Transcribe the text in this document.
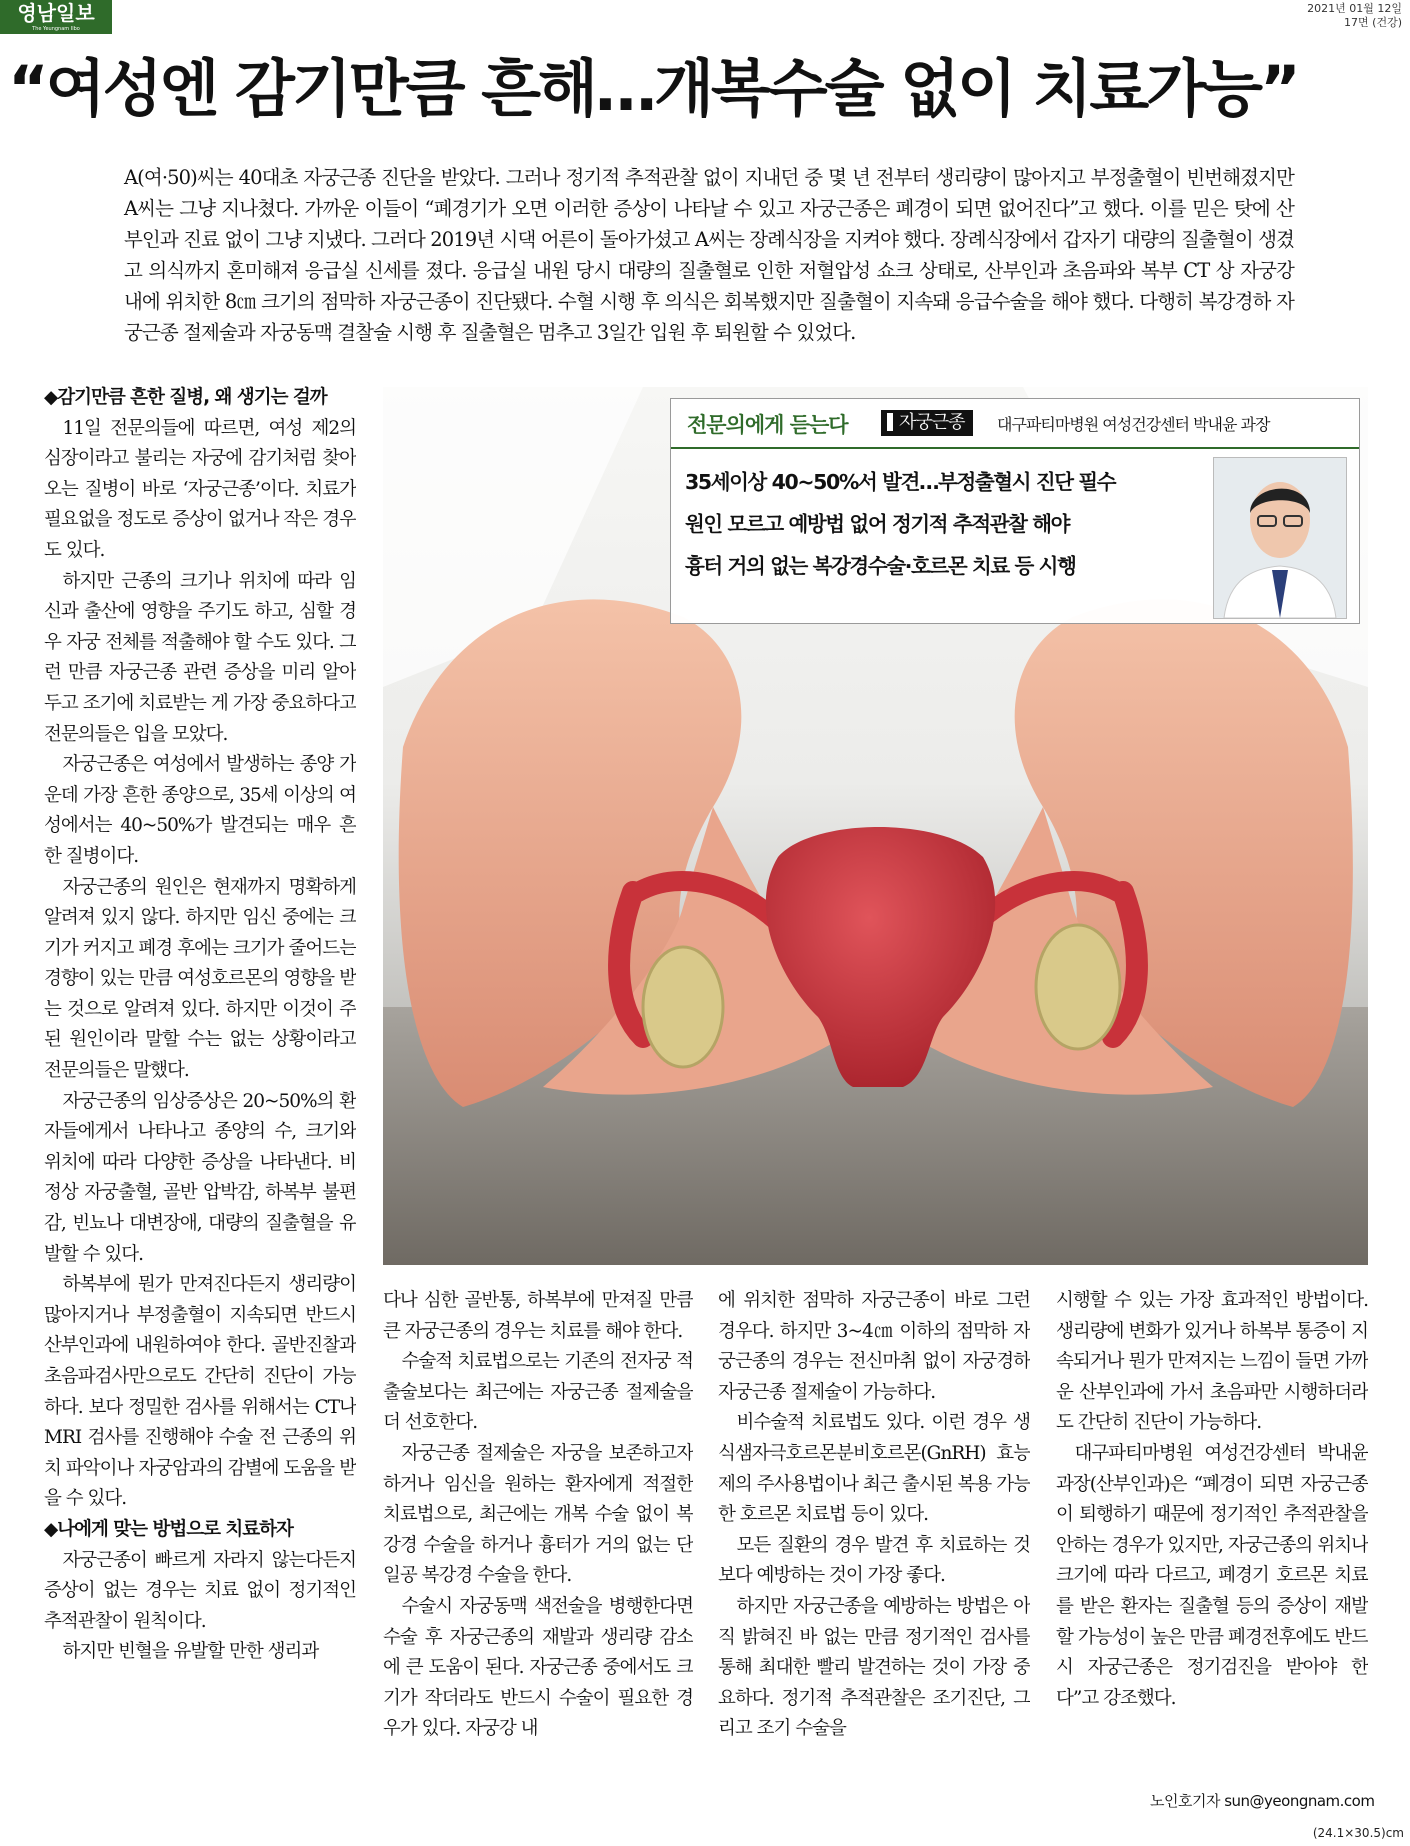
영남일보
The Yeungnam Ilbo
2021년 01월 12일
17면 (건강)
“여성엔 감기만큼 흔해…개복수술 없이 치료가능”

A(여·50)씨는 40대초 자궁근종 진단을 받았다. 그러나 정기적 추적관찰 없이 지내던 중 몇 년 전부터 생리량이 많아지고 부정출혈이 빈번해졌지만 A씨는 그냥 지나쳤다. 가까운 이들이 “폐경기가 오면 이러한 증상이 나타날 수 있고 자궁근종은 폐경이 되면 없어진다”고 했다. 이를 믿은 탓에 산부인과 진료 없이 그냥 지냈다. 그러다 2019년 시댁 어른이 돌아가셨고 A씨는 장례식장을 지켜야 했다. 장례식장에서 갑자기 대량의 질출혈이 생겼고 의식까지 혼미해져 응급실 신세를 졌다. 응급실 내원 당시 대량의 질출혈로 인한 저혈압성 쇼크 상태로, 산부인과 초음파와 복부 CT 상 자궁강 내에 위치한 8㎝ 크기의 점막하 자궁근종이 진단됐다. 수혈 시행 후 의식은 회복했지만 질출혈이 지속돼 응급수술을 해야 했다. 다행히 복강경하 자궁근종 절제술과 자궁동맥 결찰술 시행 후 질출혈은 멈추고 3일간 입원 후 퇴원할 수 있었다.

◆감기만큼 흔한 질병, 왜 생기는 걸까

11일 전문의들에 따르면, 여성 제2의 심장이라고 불리는 자궁에 감기처럼 찾아오는 질병이 바로 ‘자궁근종’이다. 치료가 필요없을 정도로 증상이 없거나 작은 경우도 있다.

하지만 근종의 크기나 위치에 따라 임신과 출산에 영향을 주기도 하고, 심할 경우 자궁 전체를 적출해야 할 수도 있다. 그런 만큼 자궁근종 관련 증상을 미리 알아두고 조기에 치료받는 게 가장 중요하다고 전문의들은 입을 모았다.

자궁근종은 여성에서 발생하는 종양 가운데 가장 흔한 종양으로, 35세 이상의 여성에서는 40~50%가 발견되는 매우 흔한 질병이다.

자궁근종의 원인은 현재까지 명확하게 알려져 있지 않다. 하지만 임신 중에는 크기가 커지고 폐경 후에는 크기가 줄어드는 경향이 있는 만큼 여성호르몬의 영향을 받는 것으로 알려져 있다. 하지만 이것이 주된 원인이라 말할 수는 없는 상황이라고 전문의들은 말했다.

자궁근종의 임상증상은 20~50%의 환자들에게서 나타나고 종양의 수, 크기와 위치에 따라 다양한 증상을 나타낸다. 비정상 자궁출혈, 골반 압박감, 하복부 불편감, 빈뇨나 대변장애, 대량의 질출혈을 유발할 수 있다.

하복부에 뭔가 만져진다든지 생리량이 많아지거나 부정출혈이 지속되면 반드시 산부인과에 내원하여야 한다. 골반진찰과 초음파검사만으로도 간단히 진단이 가능하다. 보다 정밀한 검사를 위해서는 CT나 MRI 검사를 진행해야 수술 전 근종의 위치 파악이나 자궁암과의 감별에 도움을 받을 수 있다.

◆나에게 맞는 방법으로 치료하자

자궁근종이 빠르게 자라지 않는다든지 증상이 없는 경우는 치료 없이 정기적인 추적관찰이 원칙이다.

하지만 빈혈을 유발할 만한 생리과

전문의에게 듣는다	자궁근종	대구파티마병원 여성건강센터 박내윤 과장
35세이상 40~50%서 발견…부정출혈시 진단 필수
원인 모르고 예방법 없어 정기적 추적관찰 해야
흉터 거의 없는 복강경수술·호르몬 치료 등 시행

다나 심한 골반통, 하복부에 만져질 만큼 큰 자궁근종의 경우는 치료를 해야 한다.

수술적 치료법으로는 기존의 전자궁 적출술보다는 최근에는 자궁근종 절제술을 더 선호한다.

자궁근종 절제술은 자궁을 보존하고자 하거나 임신을 원하는 환자에게 적절한 치료법으로, 최근에는 개복 수술 없이 복강경 수술을 하거나 흉터가 거의 없는 단일공 복강경 수술을 한다.

수술시 자궁동맥 색전술을 병행한다면 수술 후 자궁근종의 재발과 생리량 감소에 큰 도움이 된다. 자궁근종 중에서도 크기가 작더라도 반드시 수술이 필요한 경우가 있다. 자궁강 내

에 위치한 점막하 자궁근종이 바로 그런 경우다. 하지만 3~4㎝ 이하의 점막하 자궁근종의 경우는 전신마취 없이 자궁경하 자궁근종 절제술이 가능하다.

비수술적 치료법도 있다. 이런 경우 생식샘자극호르몬분비호르몬(GnRH) 효능제의 주사용법이나 최근 출시된 복용 가능한 호르몬 치료법 등이 있다.

모든 질환의 경우 발견 후 치료하는 것보다 예방하는 것이 가장 좋다.

하지만 자궁근종을 예방하는 방법은 아직 밝혀진 바 없는 만큼 정기적인 검사를 통해 최대한 빨리 발견하는 것이 가장 중요하다. 정기적 추적관찰은 조기진단, 그리고 조기 수술을

시행할 수 있는 가장 효과적인 방법이다. 생리량에 변화가 있거나 하복부 통증이 지속되거나 뭔가 만져지는 느낌이 들면 가까운 산부인과에 가서 초음파만 시행하더라도 간단히 진단이 가능하다.

대구파티마병원 여성건강센터 박내윤 과장(산부인과)은 “폐경이 되면 자궁근종이 퇴행하기 때문에 정기적인 추적관찰을 안하는 경우가 있지만, 자궁근종의 위치나 크기에 따라 다르고, 폐경기 호르몬 치료를 받은 환자는 질출혈 등의 증상이 재발할 가능성이 높은 만큼 폐경전후에도 반드시 자궁근종은 정기검진을 받아야 한다”고 강조했다.

노인호기자 sun@yeongnam.com
(24.1×30.5)cm
